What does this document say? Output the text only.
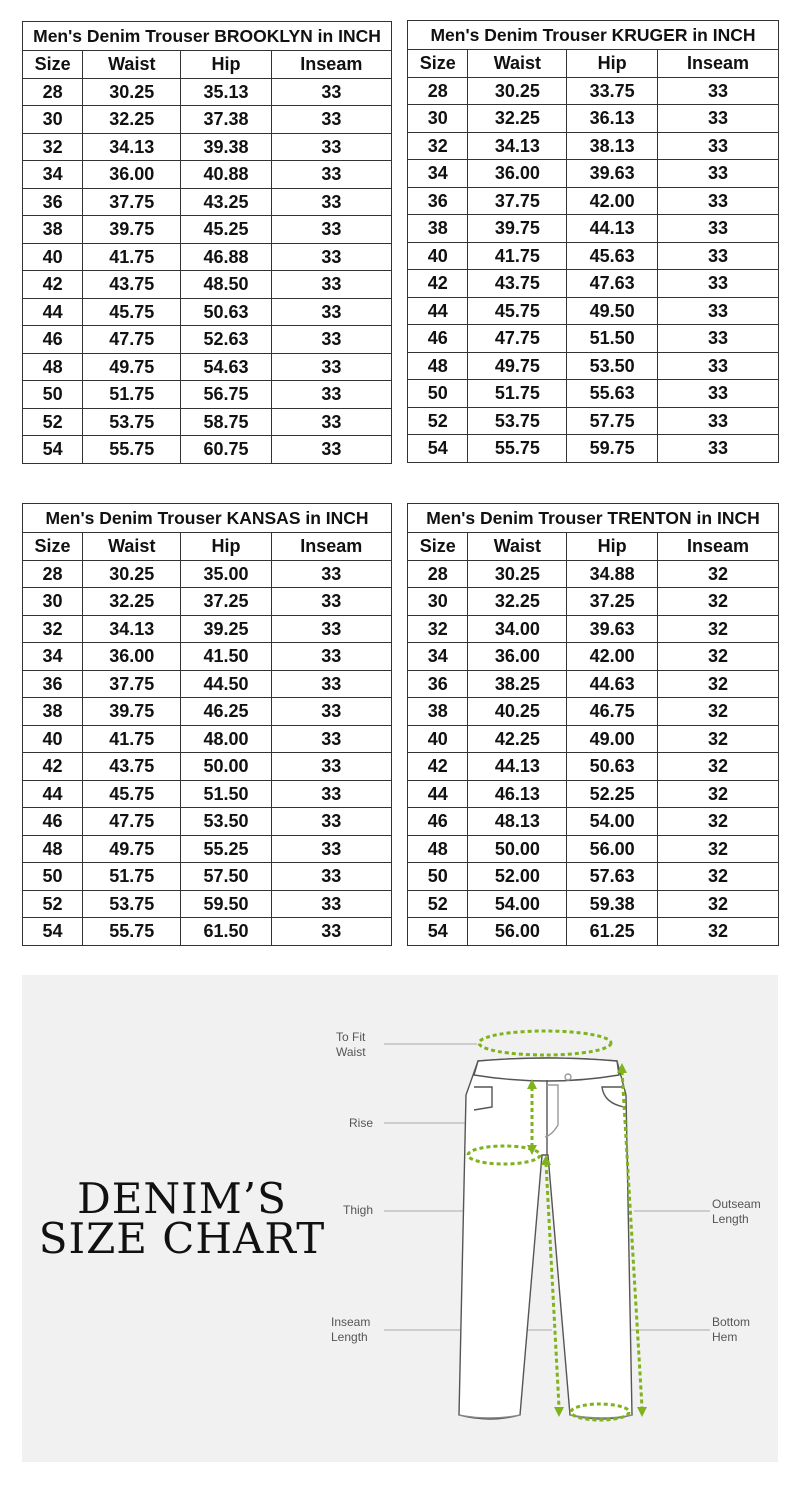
Men's Denim Trouser BROOKLYN in INCH			
Size	Waist	Hip	Inseam
28	30.25	35.13	33
30	32.25	37.38	33
32	34.13	39.38	33
34	36.00	40.88	33
36	37.75	43.25	33
38	39.75	45.25	33
40	41.75	46.88	33
42	43.75	48.50	33
44	45.75	50.63	33
46	47.75	52.63	33
48	49.75	54.63	33
50	51.75	56.75	33
52	53.75	58.75	33
54	55.75	60.75	33
Men's Denim Trouser KRUGER in INCH			
Size	Waist	Hip	Inseam
28	30.25	33.75	33
30	32.25	36.13	33
32	34.13	38.13	33
34	36.00	39.63	33
36	37.75	42.00	33
38	39.75	44.13	33
40	41.75	45.63	33
42	43.75	47.63	33
44	45.75	49.50	33
46	47.75	51.50	33
48	49.75	53.50	33
50	51.75	55.63	33
52	53.75	57.75	33
54	55.75	59.75	33
Men's Denim Trouser KANSAS in INCH			
Size	Waist	Hip	Inseam
28	30.25	35.00	33
30	32.25	37.25	33
32	34.13	39.25	33
34	36.00	41.50	33
36	37.75	44.50	33
38	39.75	46.25	33
40	41.75	48.00	33
42	43.75	50.00	33
44	45.75	51.50	33
46	47.75	53.50	33
48	49.75	55.25	33
50	51.75	57.50	33
52	53.75	59.50	33
54	55.75	61.50	33
Men's Denim Trouser TRENTON in INCH			
Size	Waist	Hip	Inseam
28	30.25	34.88	32
30	32.25	37.25	32
32	34.00	39.63	32
34	36.00	42.00	32
36	38.25	44.63	32
38	40.25	46.75	32
40	42.25	49.00	32
42	44.13	50.63	32
44	46.13	52.25	32
46	48.13	54.00	32
48	50.00	56.00	32
50	52.00	57.63	32
52	54.00	59.38	32
54	56.00	61.25	32
DENIM’S
SIZE CHART
To Fit
Waist
Rise
Thigh
Inseam
Length
Outseam
Length
Bottom
Hem
